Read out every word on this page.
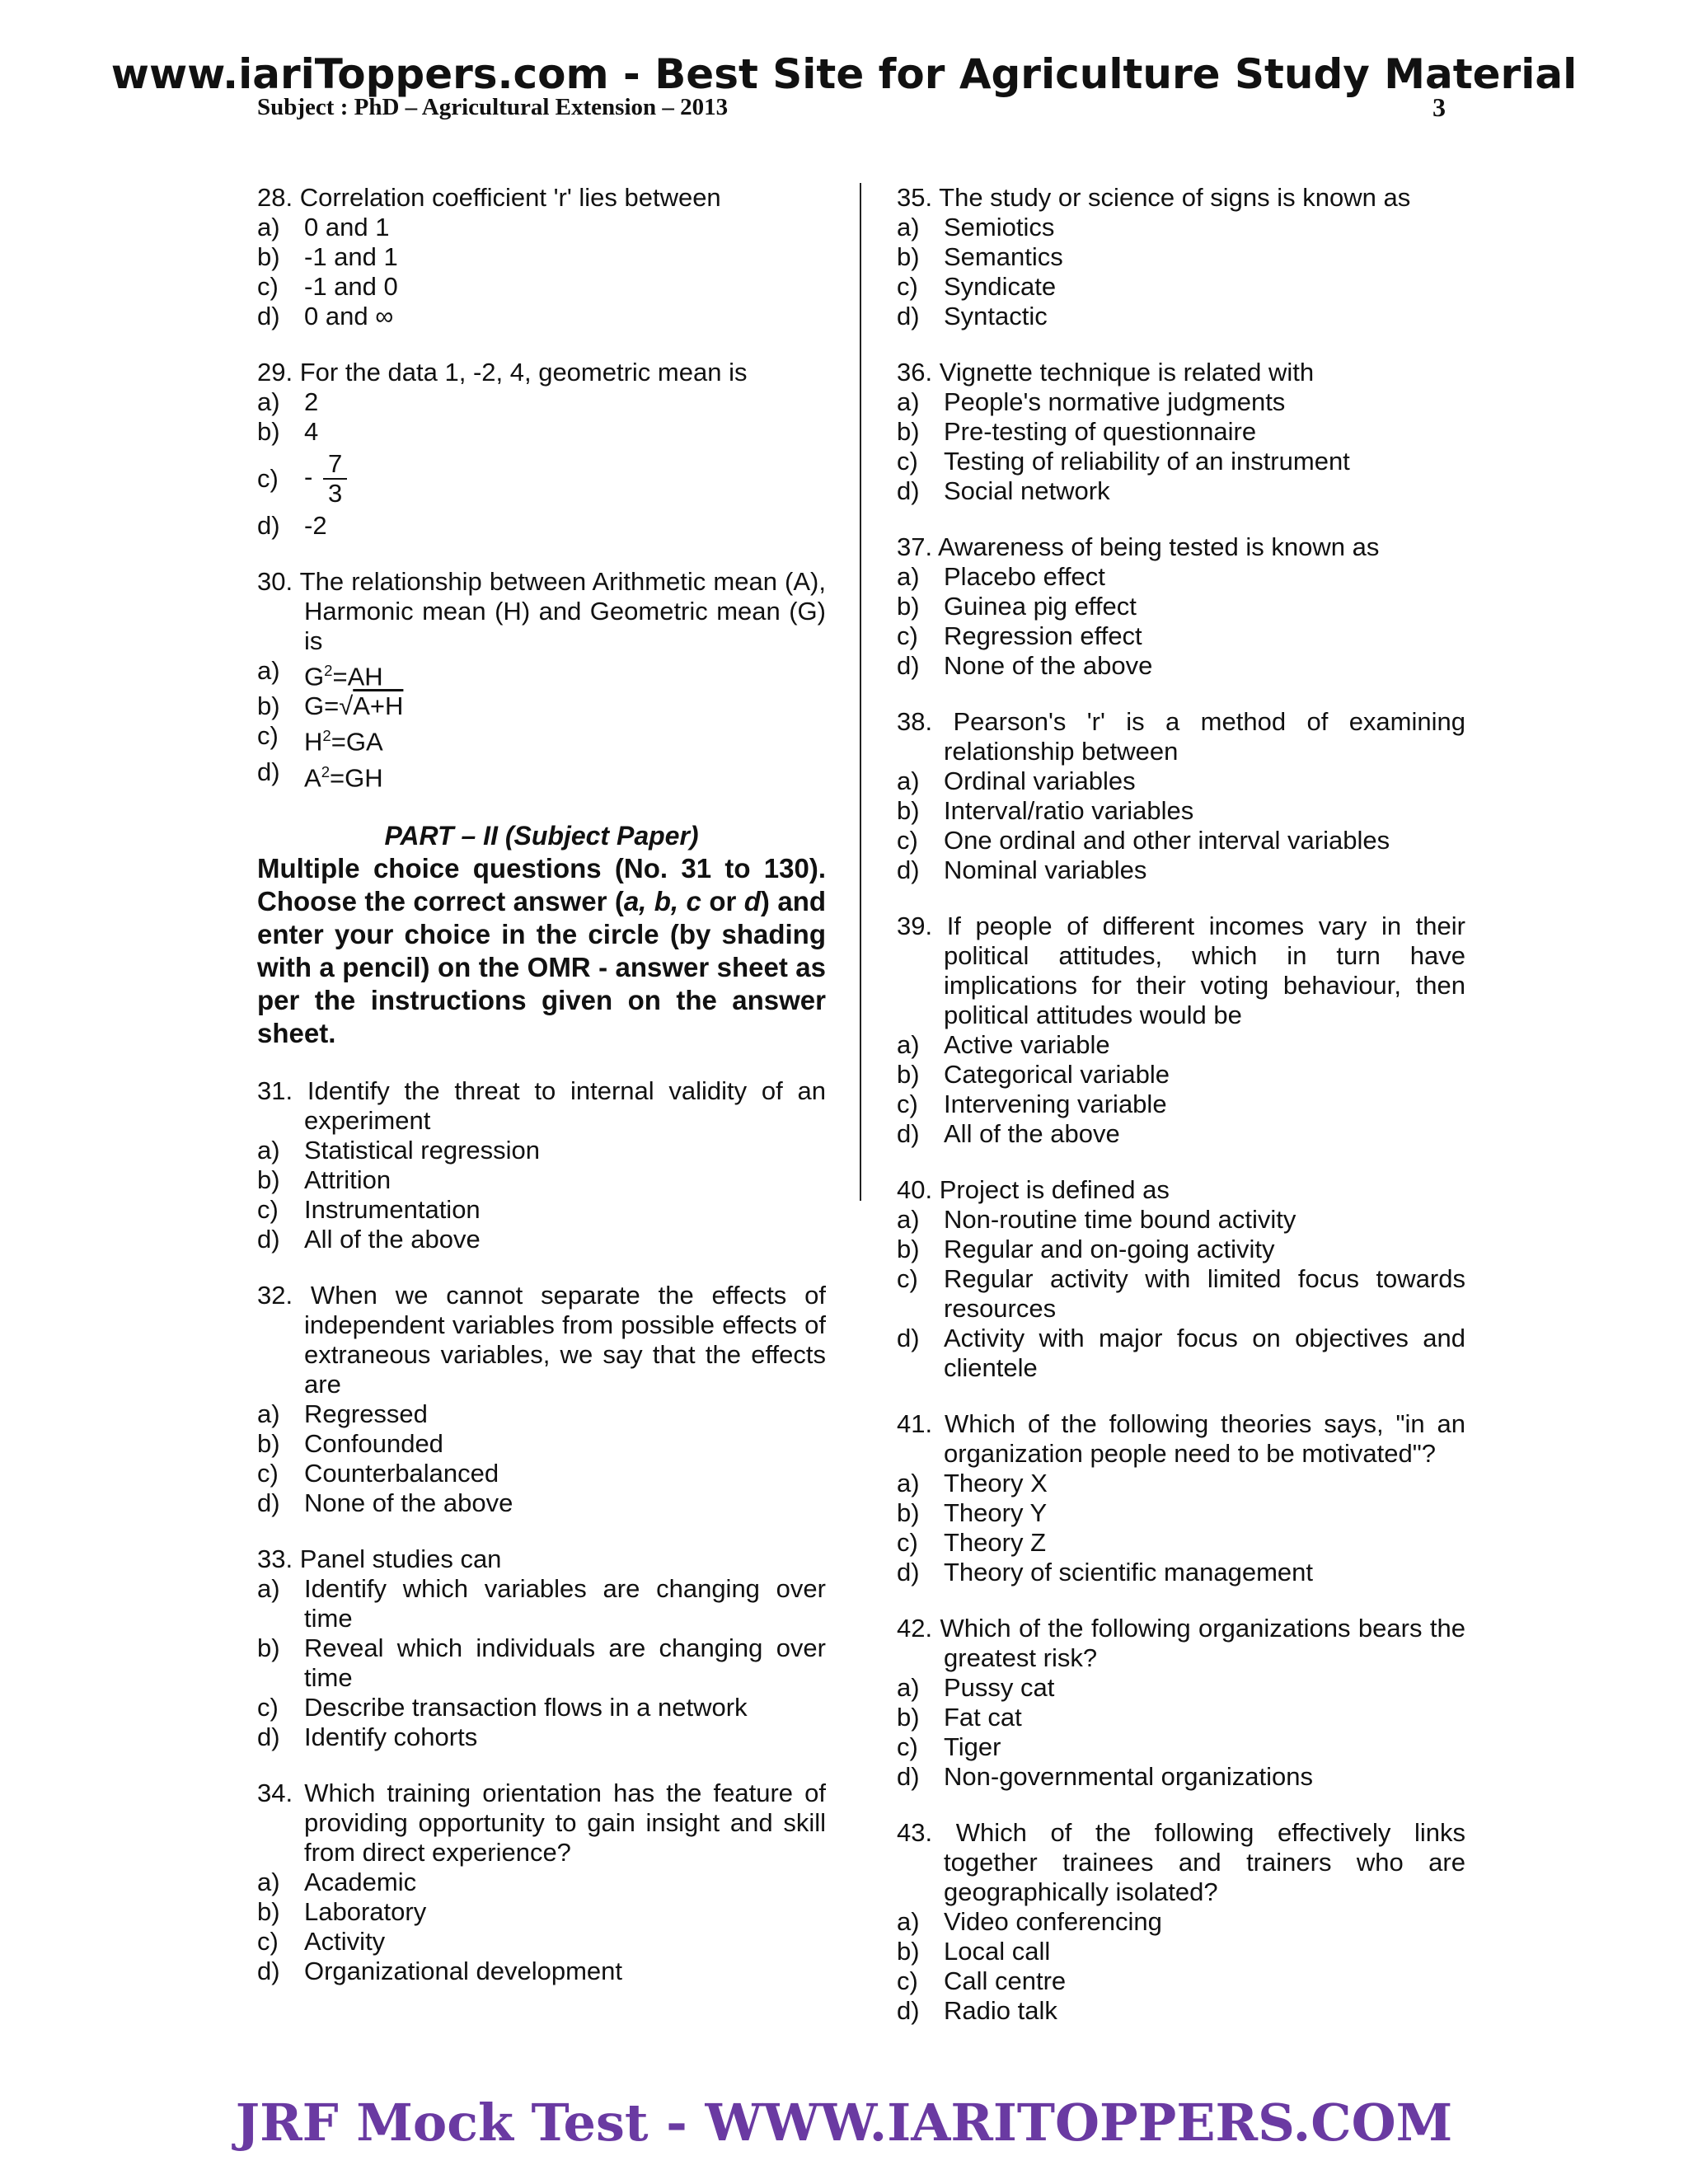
www.iariToppers.com - Best Site for Agriculture Study Material
Subject : PhD – Agricultural Extension – 2013	3
28. Correlation coefficient 'r' lies between
a) 0 and 1
b) -1 and 1
c)	-1 and 0
d) 0 and ∞
29. For the data 1, -2, 4, geometric mean is
a) 2
b) 4
c)	- $\frac{7}{3}$
d) -2
30. The relationship between Arithmetic mean (A), Harmonic mean (H) and Geometric mean (G) is
a) $G^2=AH$
b) G=√A+H
c)	$H^2=GA$
d) $A^2=GH$
PART – II (Subject Paper)
Multiple choice questions (No. 31 to 130). Choose the correct answer (a, b, c or d) and enter your choice in the circle (by shading with a pencil) on the OMR - answer sheet as per the instructions given on the answer sheet.
31. Identify the threat to internal validity of an experiment
a) Statistical regression
b) Attrition
c)	Instrumentation
d) All of the above
32. When we cannot separate the effects of independent variables from possible effects of extraneous variables, we say that the effects are
a) Regressed
b) Confounded
c)	Counterbalanced
d) None of the above
33. Panel studies can
a) Identify which variables are changing over time
b) Reveal which individuals are changing over time
c)	Describe transaction flows in a network
d) Identify cohorts
34. Which training orientation has the feature of providing opportunity to gain insight and skill from direct experience?
a) Academic
b) Laboratory
c)	Activity
d) Organizational development
35. The study or science of signs is known as
a) Semiotics
b) Semantics
c)	Syndicate
d) Syntactic
36. Vignette technique is related with
a) People's normative judgments
b) Pre-testing of questionnaire
c)	Testing of reliability of an instrument
d) Social network
37. Awareness of being tested is known as
a) Placebo effect
b) Guinea pig effect
c)	Regression effect
d) None of the above
38. Pearson's 'r' is a method of examining relationship between
a) Ordinal variables
b) Interval/ratio variables
c)	One ordinal and other interval variables
d) Nominal variables
39. If people of different incomes vary in their political attitudes, which in turn have implications for their voting behaviour, then political attitudes would be
a) Active variable
b) Categorical variable
c)	Intervening variable
d) All of the above
40. Project is defined as
a) Non-routine time bound activity
b) Regular and on-going activity
c)	Regular activity with limited focus towards resources
d) Activity with major focus on objectives and clientele
41. Which of the following theories says, "in an organization people need to be motivated"?
a) Theory X
b) Theory Y
c)	Theory Z
d) Theory of scientific management
42. Which of the following organizations bears the greatest risk?
a) Pussy cat
b) Fat cat
c)	Tiger
d) Non-governmental organizations
43. Which of the following effectively links together trainees and trainers who are geographically isolated?
a) Video conferencing
b) Local call
c)	Call centre
d) Radio talk
JRF Mock Test - WWW.IARITOPPERS.COM
